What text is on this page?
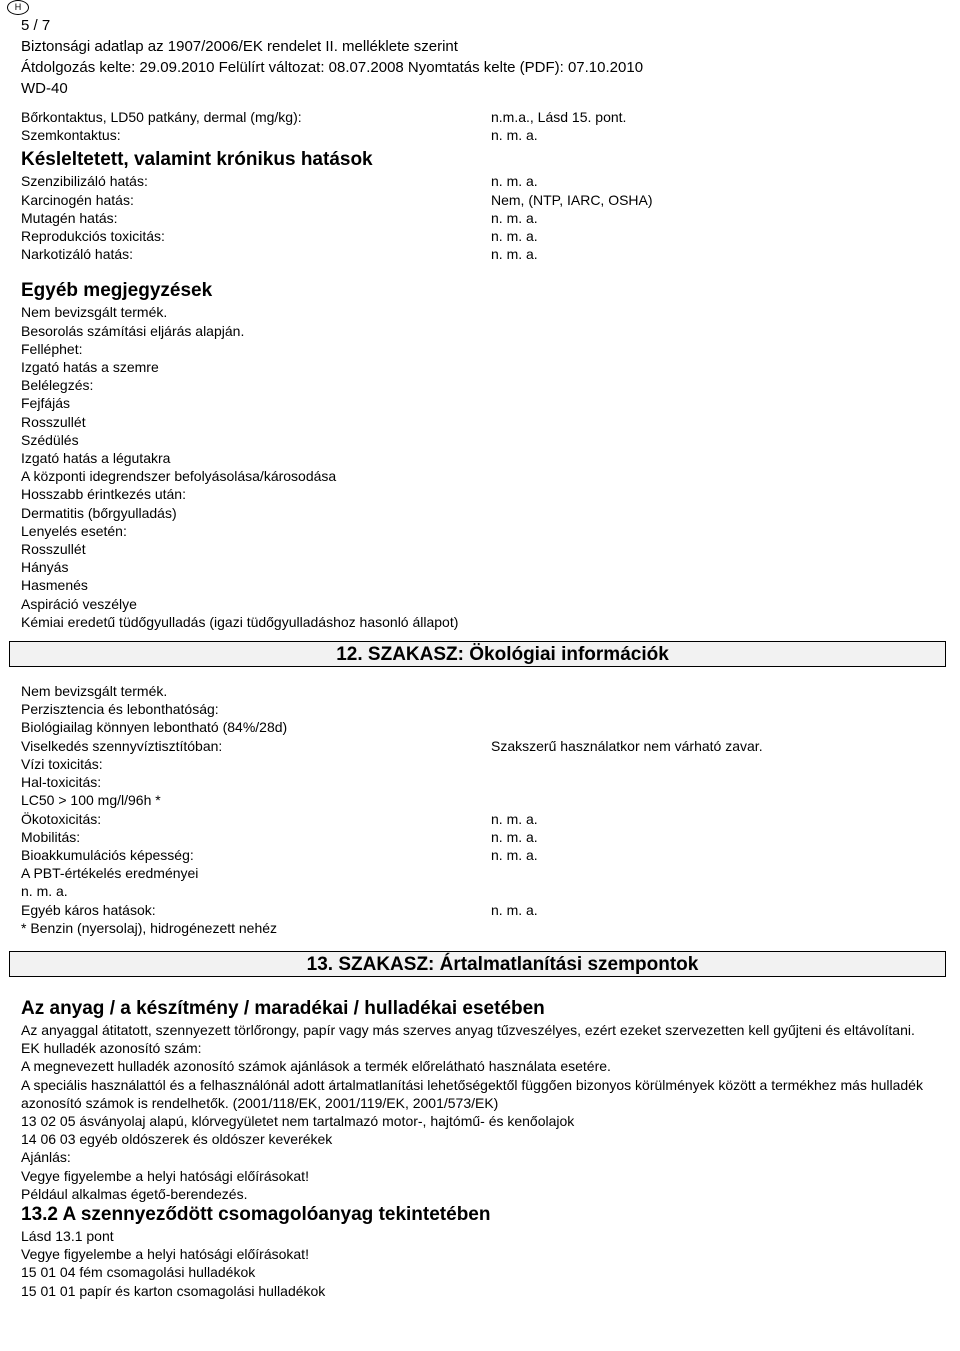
H
5 / 7
Biztonsági adatlap az 1907/2006/EK rendelet II. melléklete szerint
Átdolgozás kelte: 29.09.2010 Felülírt változat: 08.07.2008 Nyomtatás kelte (PDF): 07.10.2010
WD-40
Bőrkontaktus, LD50 patkány, dermal (mg/kg):	n.m.a., Lásd 15. pont.
Szemkontaktus:	n. m. a.
Késleltetett, valamint krónikus hatások
Szenzibilizáló hatás:	n. m. a.
Karcinogén hatás:	Nem, (NTP, IARC, OSHA)
Mutagén hatás:	n. m. a.
Reprodukciós toxicitás:	n. m. a.
Narkotizáló hatás:	n. m. a.
Egyéb megjegyzések
Nem bevizsgált termék.
Besorolás számítási eljárás alapján.
Felléphet:
Izgató hatás a szemre
Belélegzés:
Fejfájás
Rosszullét
Szédülés
Izgató hatás a légutakra
A központi idegrendszer befolyásolása/károsodása
Hosszabb érintkezés után:
Dermatitis (bőrgyulladás)
Lenyelés esetén:
Rosszullét
Hányás
Hasmenés
Aspiráció veszélye
Kémiai eredetű tüdőgyulladás (igazi tüdőgyulladáshoz hasonló állapot)
12. SZAKASZ: Ökológiai információk
Nem bevizsgált termék.
Perzisztencia és lebonthatóság:
Biológiailag könnyen lebontható (84%/28d)
Viselkedés szennyvíztisztítóban:	Szakszerű használatkor nem várható zavar.
Vízi toxicitás:
Hal-toxicitás:
LC50 > 100 mg/l/96h *
Ökotoxicitás:	n. m. a.
Mobilitás:	n. m. a.
Bioakkumulációs képesség:	n. m. a.
A PBT-értékelés eredményei
n. m. a.
Egyéb káros hatások:	n. m. a.
* Benzin (nyersolaj), hidrogénezett nehéz
13. SZAKASZ: Ártalmatlanítási szempontok
Az anyag / a készítmény / maradékai / hulladékai esetében
Az anyaggal átitatott, szennyezett törlőrongy, papír vagy más szerves anyag tűzveszélyes, ezért ezeket szervezetten kell gyűjteni és eltávolítani.
EK hulladék azonosító szám:
A megnevezett hulladék azonosító számok ajánlások a termék előrelátható használata esetére.
A speciális használattól és a felhasználónál adott ártalmatlanítási lehetőségektől függően bizonyos körülmények között a termékhez más hulladék azonosító számok is rendelhetők. (2001/118/EK, 2001/119/EK, 2001/573/EK)
13 02 05 ásványolaj alapú, klórvegyületet nem tartalmazó motor-, hajtómű- és kenőolajok
14 06 03 egyéb oldószerek és oldószer keverékek
Ajánlás:
Vegye figyelembe a helyi hatósági előírásokat!
Például alkalmas égető-berendezés.
13.2 A szennyeződött csomagolóanyag tekintetében
Lásd 13.1 pont
Vegye figyelembe a helyi hatósági előírásokat!
15 01 04 fém csomagolási hulladékok
15 01 01 papír és karton csomagolási hulladékok
